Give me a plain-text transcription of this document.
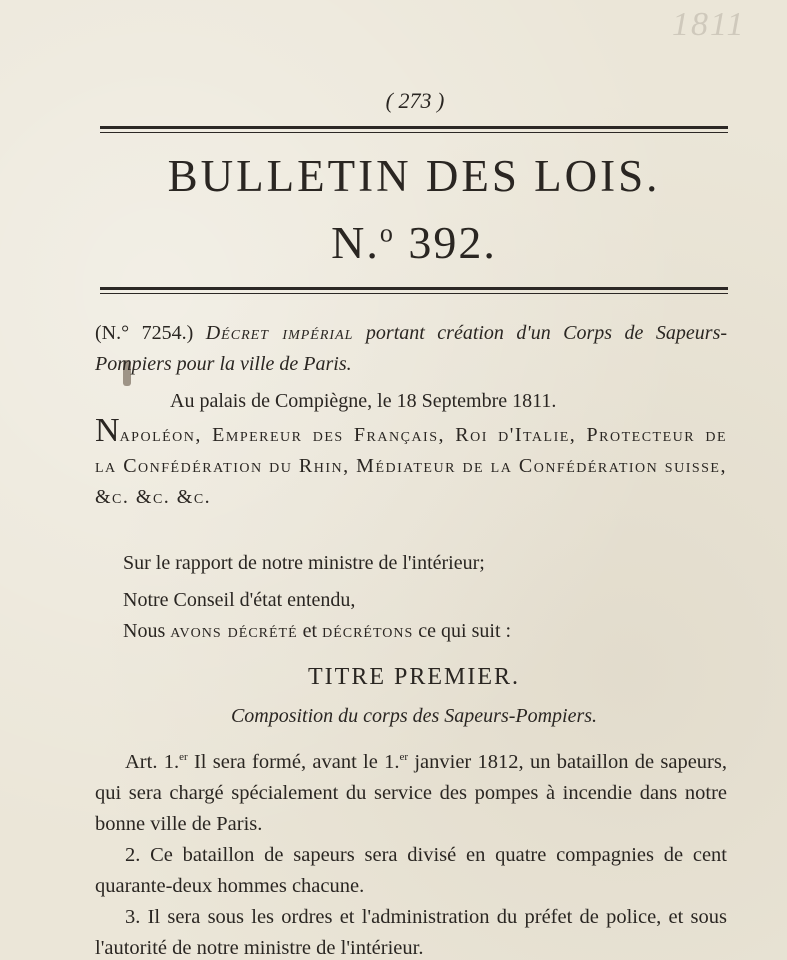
1811
( 273 )
BULLETIN DES LOIS.
N.$^o$ 392.
(N.° 7254.) Décret impérial portant création d'un Corps de Sapeurs-Pompiers pour la ville de Paris.
Au palais de Compiègne, le 18 Septembre 1811.
Napoléon, Empereur des Français, Roi d'Italie, Protecteur de la Confédération du Rhin, Médiateur de la Confédération suisse, &c. &c. &c.
Sur le rapport de notre ministre de l'intérieur;
Notre Conseil d'état entendu,
Nous avons décrété et décrétons ce qui suit :
TITRE PREMIER.
Composition du corps des Sapeurs-Pompiers.

Art. 1.$^{er}$ Il sera formé, avant le 1.$^{er}$ janvier 1812, un bataillon de sapeurs, qui sera chargé spécialement du service des pompes à incendie dans notre bonne ville de Paris.

2. Ce bataillon de sapeurs sera divisé en quatre compagnies de cent quarante-deux hommes chacune.

3. Il sera sous les ordres et l'administration du préfet de police, et sous l'autorité de notre ministre de l'intérieur.
